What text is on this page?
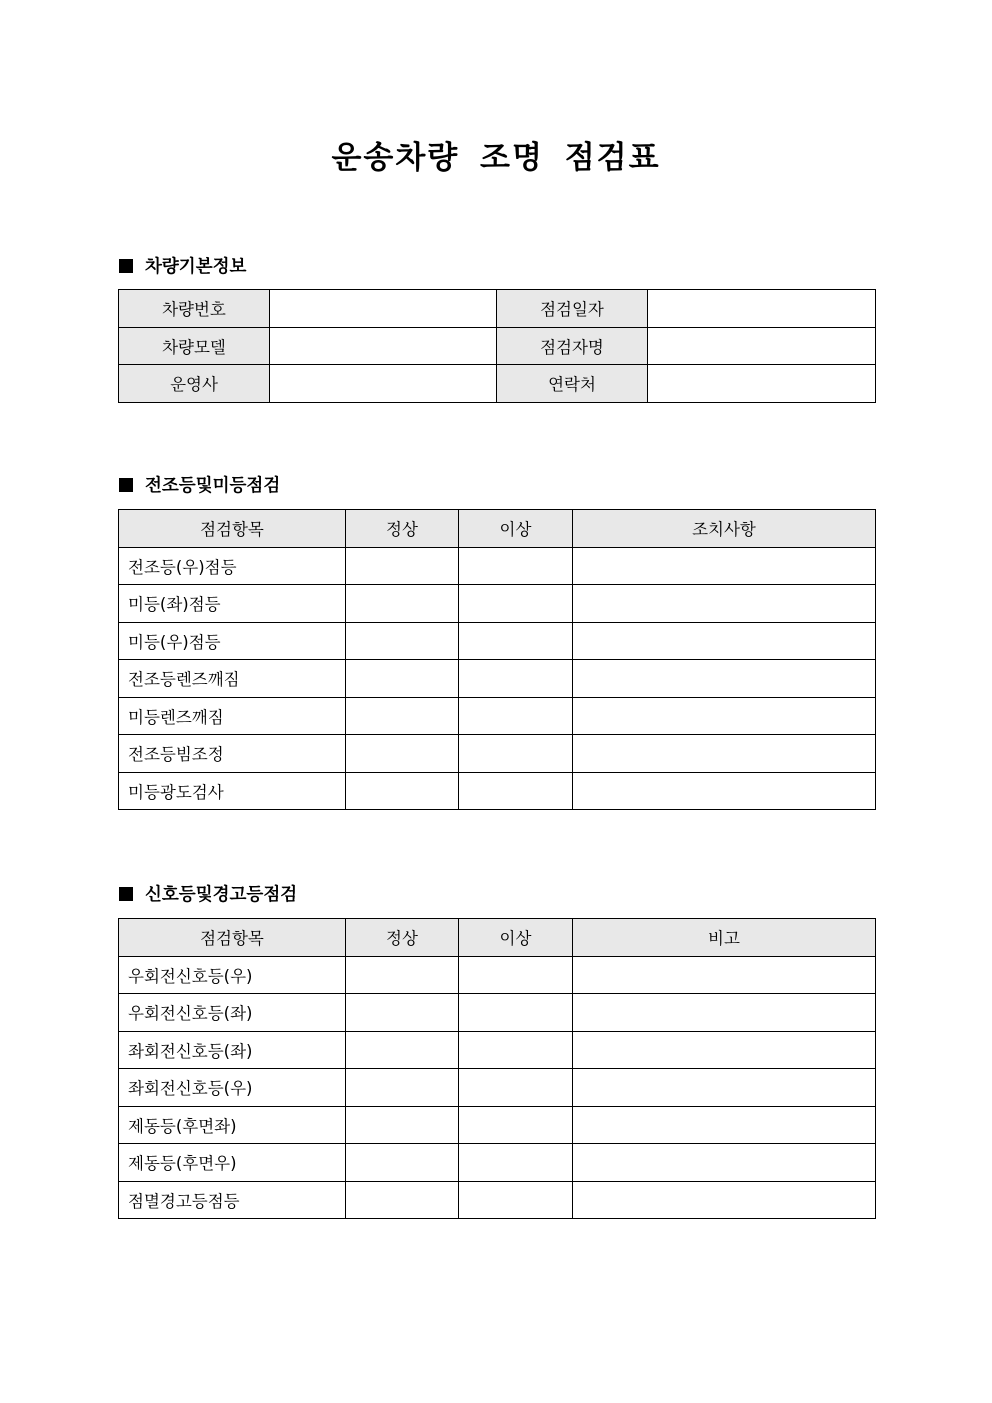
운송차량 조명 점검표
차량기본정보
차량번호		점검일자	
차량모델		점검자명	
운영사		연락처	
전조등및미등점검
점검항목	정상	이상	조치사항
전조등(우)점등			
미등(좌)점등			
미등(우)점등			
전조등렌즈깨짐			
미등렌즈깨짐			
전조등빔조정			
미등광도검사			
신호등및경고등점검
점검항목	정상	이상	비고
우회전신호등(우)			
우회전신호등(좌)			
좌회전신호등(좌)			
좌회전신호등(우)			
제동등(후면좌)			
제동등(후면우)			
점멸경고등점등			
